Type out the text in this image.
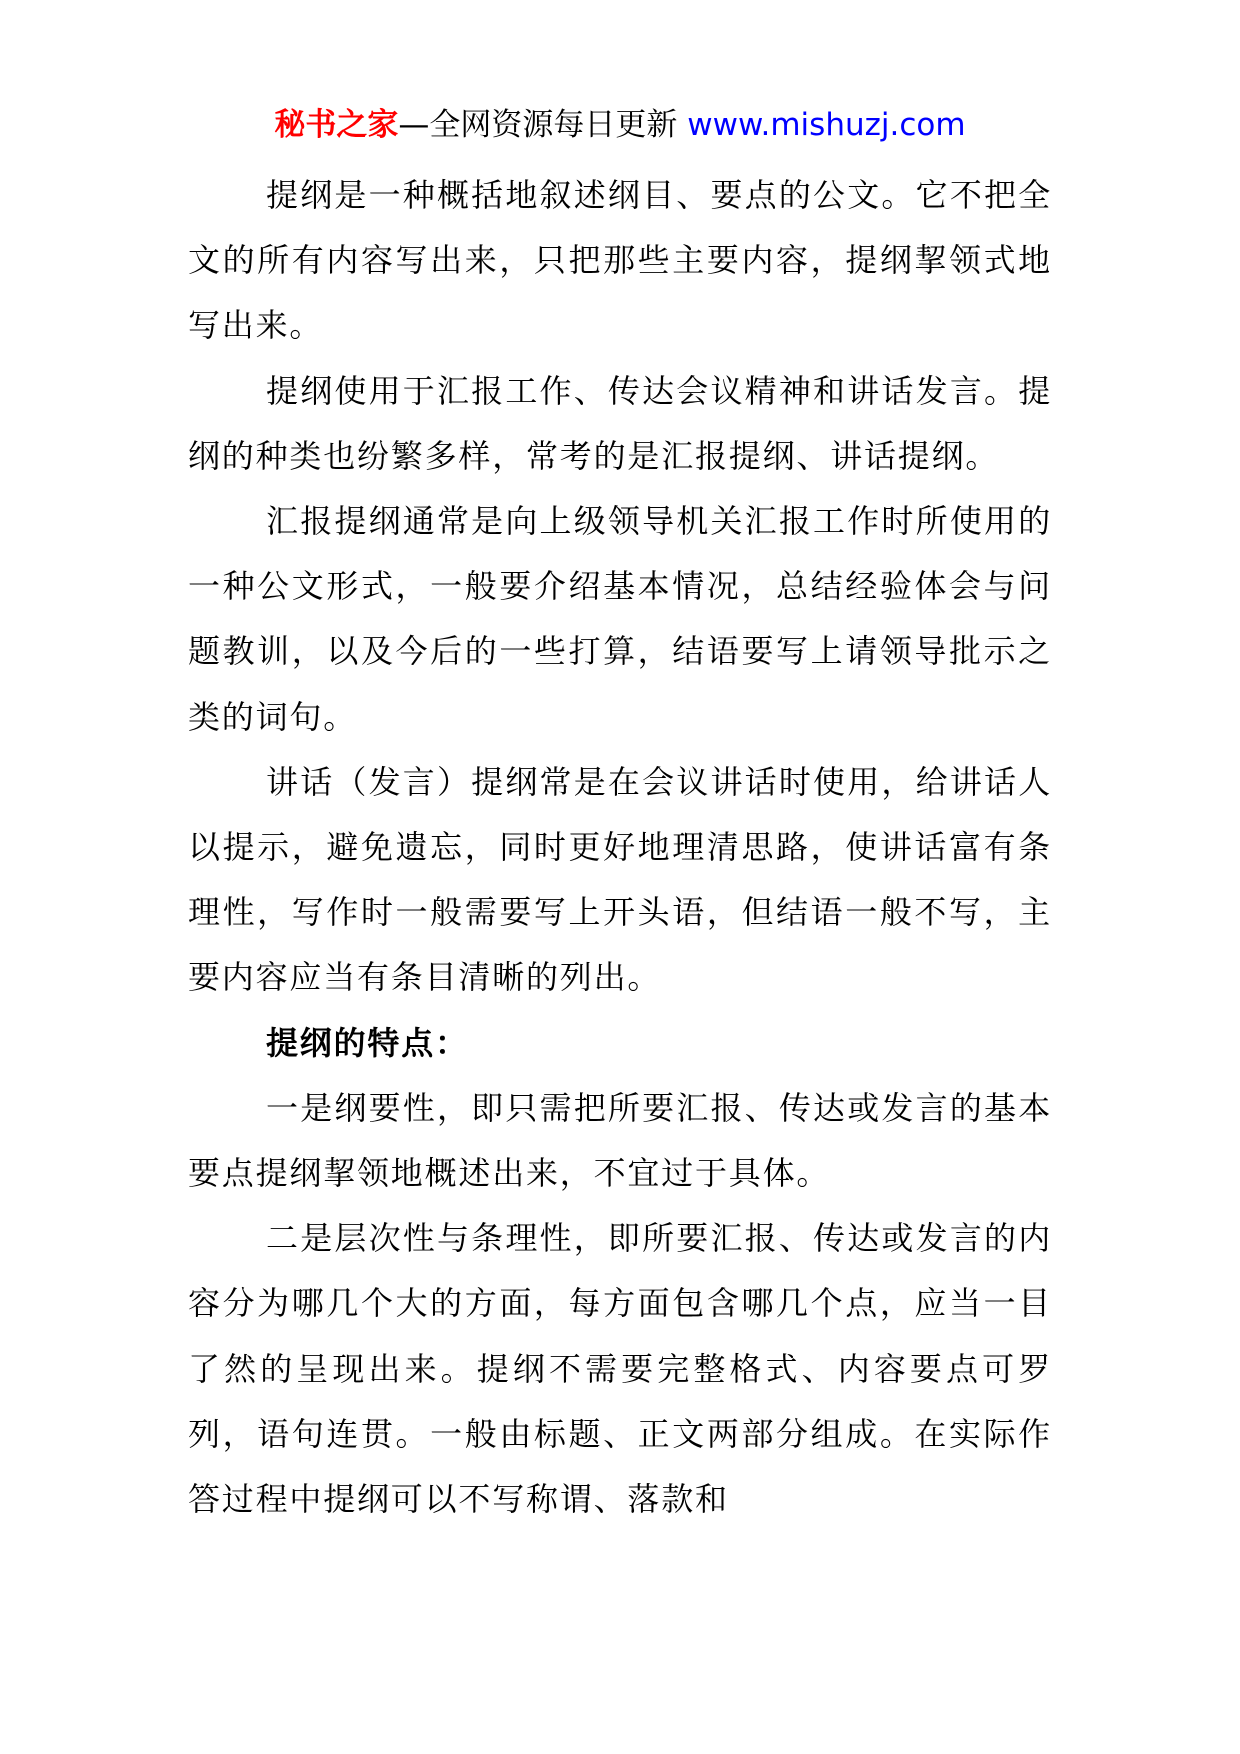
秘书之家—全网资源每日更新 www.mishuzj.com

提纲是一种概括地叙述纲目、要点的公文。它不把全文的所有内容写出来，只把那些主要内容，提纲挈领式地写出来。

提纲使用于汇报工作、传达会议精神和讲话发言。提纲的种类也纷繁多样，常考的是汇报提纲、讲话提纲。

汇报提纲通常是向上级领导机关汇报工作时所使用的一种公文形式，一般要介绍基本情况，总结经验体会与问题教训，以及今后的一些打算，结语要写上请领导批示之类的词句。

讲话（发言）提纲常是在会议讲话时使用，给讲话人以提示，避免遗忘，同时更好地理清思路，使讲话富有条理性，写作时一般需要写上开头语，但结语一般不写，主要内容应当有条目清晰的列出。

提纲的特点：

一是纲要性，即只需把所要汇报、传达或发言的基本要点提纲挈领地概述出来，不宜过于具体。

二是层次性与条理性，即所要汇报、传达或发言的内容分为哪几个大的方面，每方面包含哪几个点，应当一目了然的呈现出来。提纲不需要完整格式、内容要点可罗列，语句连贯。一般由标题、正文两部分组成。在实际作答过程中提纲可以不写称谓、落款和
